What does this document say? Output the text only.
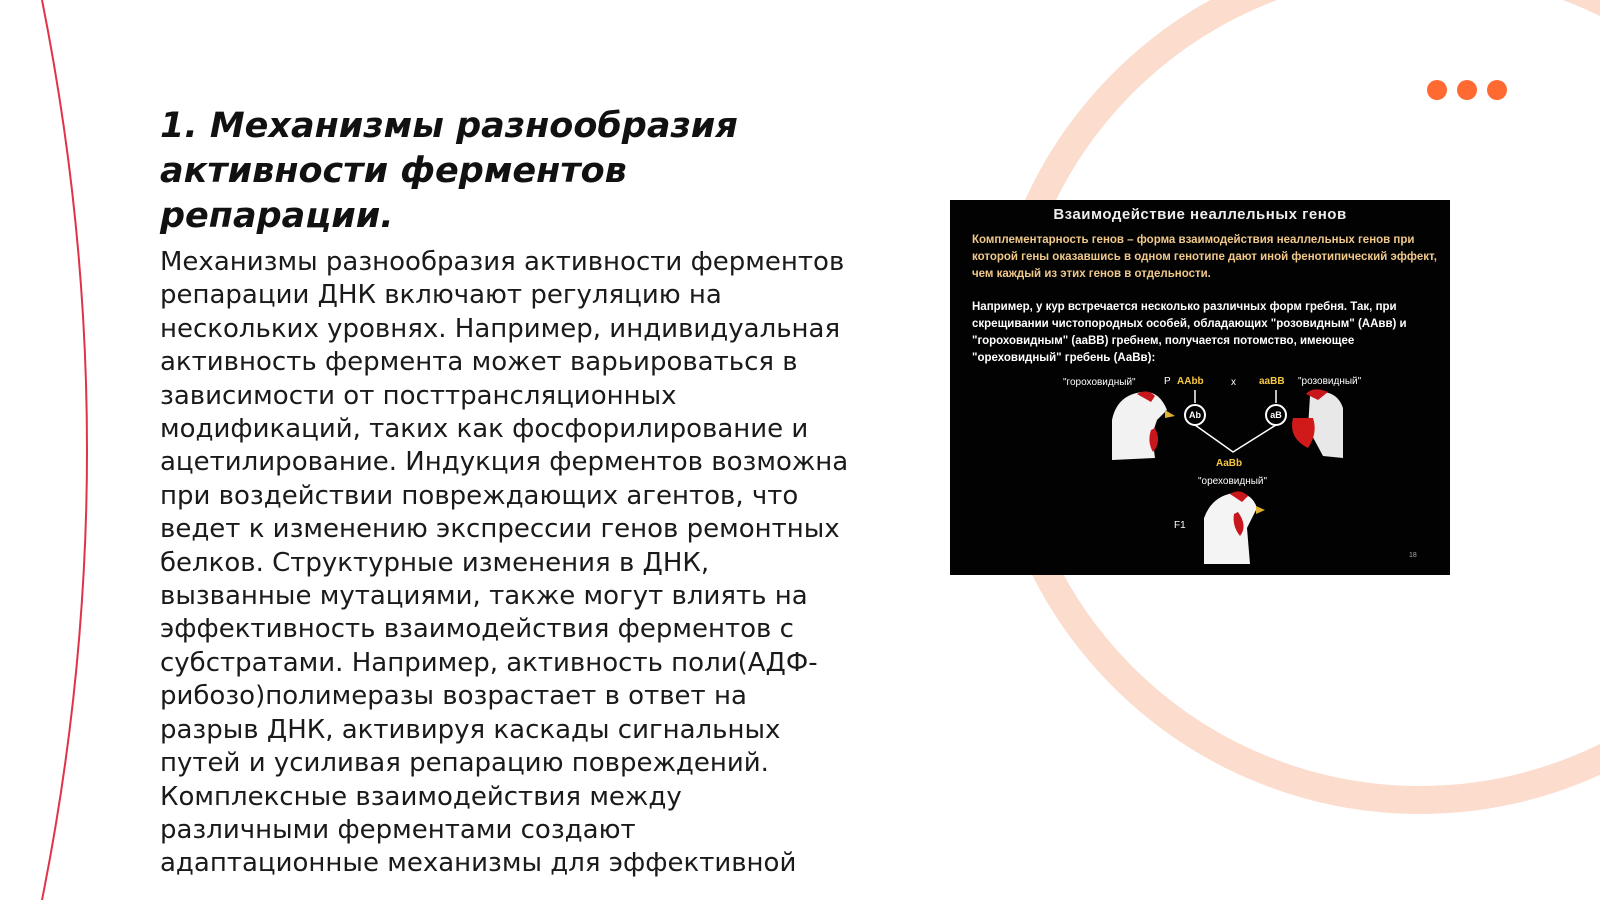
1. Механизмы разнообразия активности ферментов репарации.

Механизмы разнообразия активности ферментов репарации ДНК включают регуляцию на нескольких уровнях. Например, индивидуальная активность фермента может варьироваться в зависимости от посттрансляционных модификаций, таких как фосфорилирование и ацетилирование. Индукция ферментов возможна при воздействии повреждающих агентов, что ведет к изменению экспрессии генов ремонтных белков. Структурные изменения в ДНК, вызванные мутациями, также могут влиять на эффективность взаимодействия ферментов с субстратами. Например, активность поли(АДФ-рибозо)полимеразы возрастает в ответ на разрыв ДНК, активируя каскады сигнальных путей и усиливая репарацию повреждений. Комплексные взаимодействия между различными ферментами создают адаптационные механизмы для эффективной

Взаимодействие неаллельных генов
Комплементарность генов – форма взаимодействия неаллельных генов при которой гены оказавшись в одном генотипе дают иной фенотипический эффект, чем каждый из этих генов в отдельности.
Например, у кур встречается несколько различных форм гребня. Так, при скрещивании чистопородных особей, обладающих "розовидным" (ААвв) и "гороховидным" (ааВВ) гребнем, получается потомство, имеющее "ореховидный" гребень (АаВв):
"гороховидный"	P AAbb	x aaBB "розовидный"
Ab	aB
AaBb
"ореховидный"
F1
18
